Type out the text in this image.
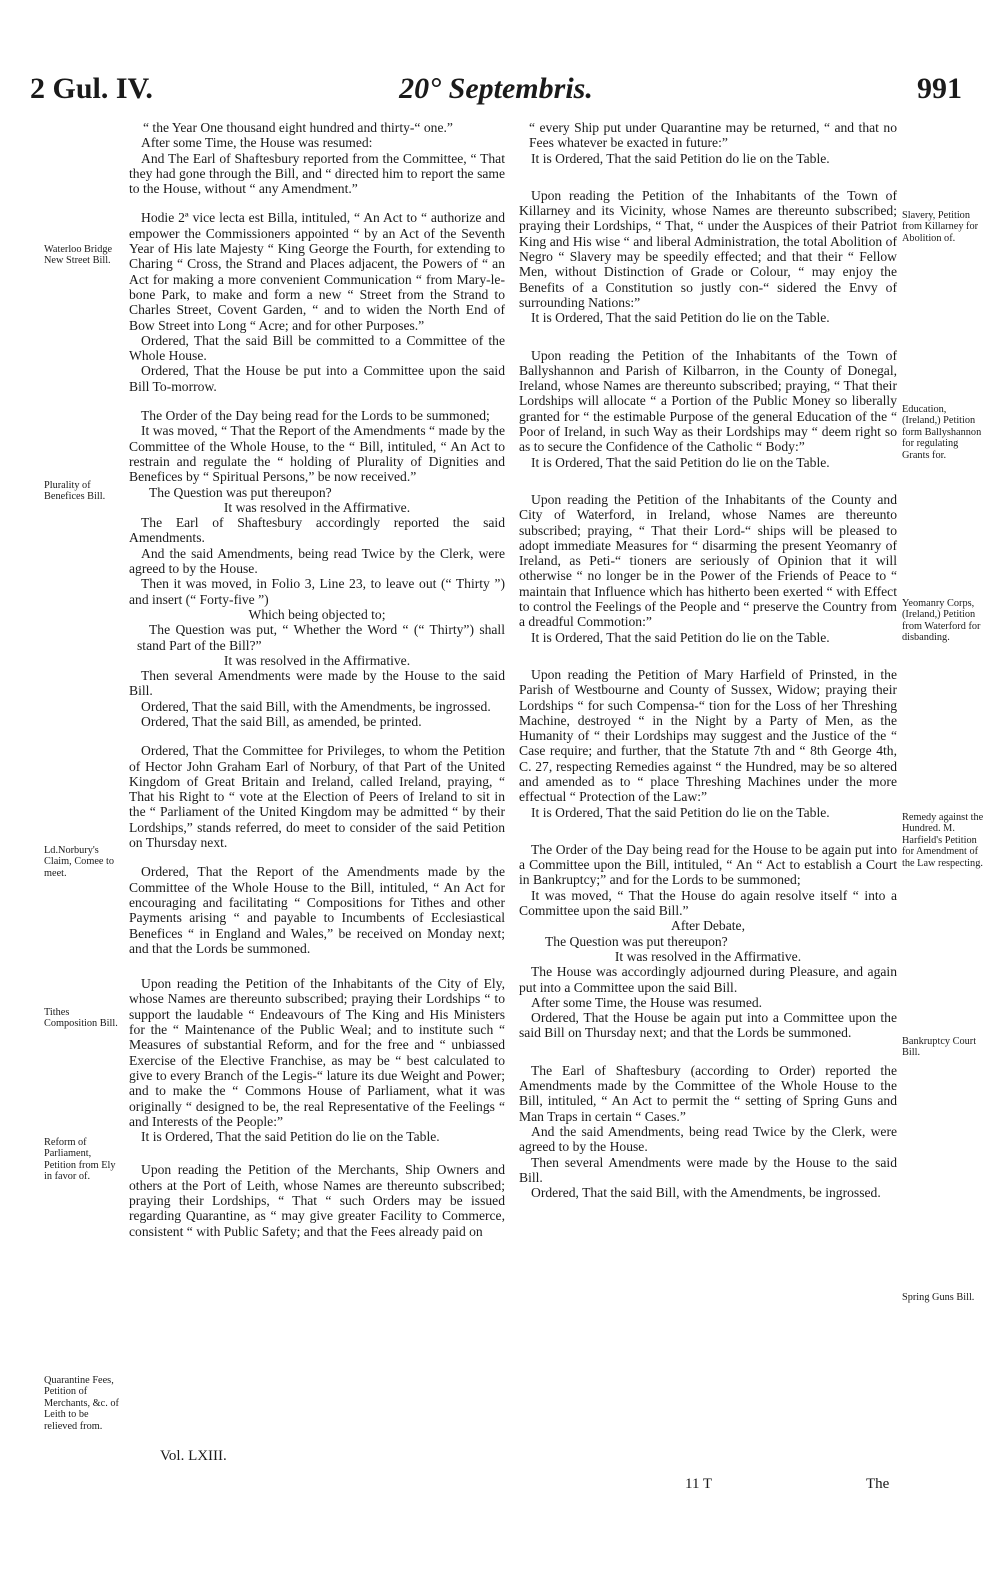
2 Gul. IV.	20° Septembris.	991

“ the Year One thousand eight hundred and thirty-“ one.”

After some Time, the House was resumed:

And The Earl of Shaftesbury reported from the Committee, “ That they had gone through the Bill, and “ directed him to report the same to the House, without “ any Amendment.”

Hodie 2ª vice lecta est Billa, intituled, “ An Act to “ authorize and empower the Commissioners appointed “ by an Act of the Seventh Year of His late Majesty “ King George the Fourth, for extending to Charing “ Cross, the Strand and Places adjacent, the Powers of “ an Act for making a more convenient Communication “ from Mary-le-bone Park, to make and form a new “ Street from the Strand to Charles Street, Covent Garden, “ and to widen the North End of Bow Street into Long “ Acre; and for other Purposes.”

Ordered, That the said Bill be committed to a Committee of the Whole House.

Ordered, That the House be put into a Committee upon the said Bill To-morrow.

The Order of the Day being read for the Lords to be summoned;

It was moved, “ That the Report of the Amendments “ made by the Committee of the Whole House, to the “ Bill, intituled, “ An Act to restrain and regulate the “ holding of Plurality of Dignities and Benefices by “ Spiritual Persons,” be now received.”

The Question was put thereupon?

It was resolved in the Affirmative.

The Earl of Shaftesbury accordingly reported the said Amendments.

And the said Amendments, being read Twice by the Clerk, were agreed to by the House.

Then it was moved, in Folio 3, Line 23, to leave out (“ Thirty ”) and insert (“ Forty-five ”)

Which being objected to;

The Question was put, “ Whether the Word “ (“ Thirty”) shall stand Part of the Bill?”

It was resolved in the Affirmative.

Then several Amendments were made by the House to the said Bill.

Ordered, That the said Bill, with the Amendments, be ingrossed.

Ordered, That the said Bill, as amended, be printed.

Ordered, That the Committee for Privileges, to whom the Petition of Hector John Graham Earl of Norbury, of that Part of the United Kingdom of Great Britain and Ireland, called Ireland, praying, “ That his Right to “ vote at the Election of Peers of Ireland to sit in the “ Parliament of the United Kingdom may be admitted “ by their Lordships,” stands referred, do meet to consider of the said Petition on Thursday next.

Ordered, That the Report of the Amendments made by the Committee of the Whole House to the Bill, intituled, “ An Act for encouraging and facilitating “ Compositions for Tithes and other Payments arising “ and payable to Incumbents of Ecclesiastical Benefices “ in England and Wales,” be received on Monday next; and that the Lords be summoned.

Upon reading the Petition of the Inhabitants of the City of Ely, whose Names are thereunto subscribed; praying their Lordships “ to support the laudable “ Endeavours of The King and His Ministers for the “ Maintenance of the Public Weal; and to institute such “ Measures of substantial Reform, and for the free and “ unbiassed Exercise of the Elective Franchise, as may be “ best calculated to give to every Branch of the Legis-“ lature its due Weight and Power; and to make the “ Commons House of Parliament, what it was originally “ designed to be, the real Representative of the Feelings “ and Interests of the People:”

It is Ordered, That the said Petition do lie on the Table.

Upon reading the Petition of the Merchants, Ship Owners and others at the Port of Leith, whose Names are thereunto subscribed; praying their Lordships, “ That “ such Orders may be issued regarding Quarantine, as “ may give greater Facility to Commerce, consistent “ with Public Safety; and that the Fees already paid on

“ every Ship put under Quarantine may be returned, “ and that no Fees whatever be exacted in future:”

It is Ordered, That the said Petition do lie on the Table.

Upon reading the Petition of the Inhabitants of the Town of Killarney and its Vicinity, whose Names are thereunto subscribed; praying their Lordships, “ That, “ under the Auspices of their Patriot King and His wise “ and liberal Administration, the total Abolition of Negro “ Slavery may be speedily effected; and that their “ Fellow Men, without Distinction of Grade or Colour, “ may enjoy the Benefits of a Constitution so justly con-“ sidered the Envy of surrounding Nations:”

It is Ordered, That the said Petition do lie on the Table.

Upon reading the Petition of the Inhabitants of the Town of Ballyshannon and Parish of Kilbarron, in the County of Donegal, Ireland, whose Names are thereunto subscribed; praying, “ That their Lordships will allocate “ a Portion of the Public Money so liberally granted for “ the estimable Purpose of the general Education of the “ Poor of Ireland, in such Way as their Lordships may “ deem right so as to secure the Confidence of the Catholic “ Body:”

It is Ordered, That the said Petition do lie on the Table.

Upon reading the Petition of the Inhabitants of the County and City of Waterford, in Ireland, whose Names are thereunto subscribed; praying, “ That their Lord-“ ships will be pleased to adopt immediate Measures for “ disarming the present Yeomanry of Ireland, as Peti-“ tioners are seriously of Opinion that it will otherwise “ no longer be in the Power of the Friends of Peace to “ maintain that Influence which has hitherto been exerted “ with Effect to control the Feelings of the People and “ preserve the Country from a dreadful Commotion:”

It is Ordered, That the said Petition do lie on the Table.

Upon reading the Petition of Mary Harfield of Prinsted, in the Parish of Westbourne and County of Sussex, Widow; praying their Lordships “ for such Compensa-“ tion for the Loss of her Threshing Machine, destroyed “ in the Night by a Party of Men, as the Humanity of “ their Lordships may suggest and the Justice of the “ Case require; and further, that the Statute 7th and “ 8th George 4th, C. 27, respecting Remedies against “ the Hundred, may be so altered and amended as to “ place Threshing Machines under the more effectual “ Protection of the Law:”

It is Ordered, That the said Petition do lie on the Table.

The Order of the Day being read for the House to be again put into a Committee upon the Bill, intituled, “ An “ Act to establish a Court in Bankruptcy;” and for the Lords to be summoned;

It was moved, “ That the House do again resolve itself “ into a Committee upon the said Bill.”

After Debate,

The Question was put thereupon?

It was resolved in the Affirmative.

The House was accordingly adjourned during Pleasure, and again put into a Committee upon the said Bill.

After some Time, the House was resumed.

Ordered, That the House be again put into a Committee upon the said Bill on Thursday next; and that the Lords be summoned.

The Earl of Shaftesbury (according to Order) reported the Amendments made by the Committee of the Whole House to the Bill, intituled, “ An Act to permit the “ setting of Spring Guns and Man Traps in certain “ Cases.”

And the said Amendments, being read Twice by the Clerk, were agreed to by the House.

Then several Amendments were made by the House to the said Bill.

Ordered, That the said Bill, with the Amendments, be ingrossed.

Waterloo Bridge New Street Bill.
Plurality of Benefices Bill.
Ld.Norbury's Claim, Comee to meet.
Tithes Composition Bill.
Reform of Parliament, Petition from Ely in favor of.
Quarantine Fees, Petition of Merchants, &c. of Leith to be relieved from.
Slavery, Petition from Killarney for Abolition of.
Education, (Ireland,) Petition form Ballyshannon for regulating Grants for.
Yeomanry Corps, (Ireland,) Petition from Waterford for disbanding.
Remedy against the Hundred. M. Harfield's Petition for Amendment of the Law respecting.
Bankruptcy Court Bill.
Spring Guns Bill.
Vol. LXIII.
11 T	The
